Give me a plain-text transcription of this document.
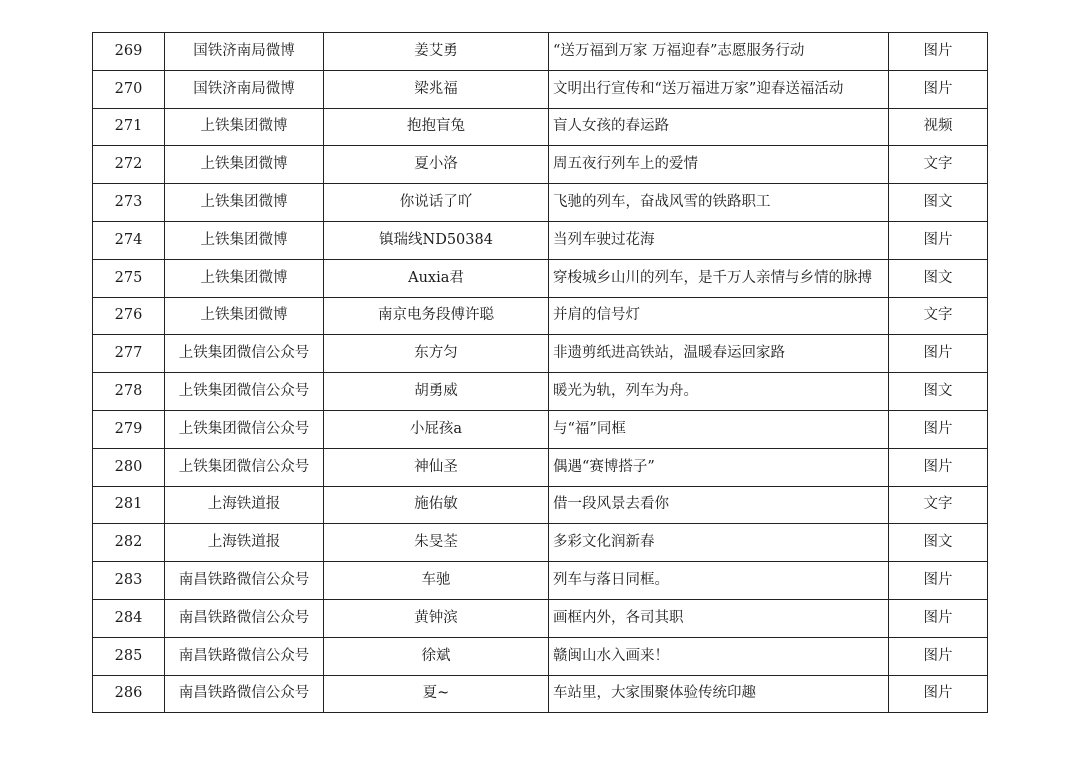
269	国铁济南局微博	姜艾勇	“送万福到万家 万福迎春”志愿服务行动	图片
270	国铁济南局微博	梁兆福	文明出行宣传和“送万福进万家”迎春送福活动	图片
271	上铁集团微博	抱抱盲兔	盲人女孩的春运路	视频
272	上铁集团微博	夏小洛	周五夜行列车上的爱情	文字
273	上铁集团微博	你说话了吖	飞驰的列车，奋战风雪的铁路职工	图文
274	上铁集团微博	镇瑞线ND50384	当列车驶过花海	图片
275	上铁集团微博	Auxia君	穿梭城乡山川的列车，是千万人亲情与乡情的脉搏	图文
276	上铁集团微博	南京电务段傅许聪	并肩的信号灯	文字
277	上铁集团微信公众号	东方匀	非遗剪纸进高铁站，温暖春运回家路	图片
278	上铁集团微信公众号	胡勇威	暖光为轨，列车为舟。	图文
279	上铁集团微信公众号	小屁孩a	与“福”同框	图片
280	上铁集团微信公众号	神仙圣	偶遇“赛博搭子”	图片
281	上海铁道报	施佑敏	借一段风景去看你	文字
282	上海铁道报	朱旻荃	多彩文化润新春	图文
283	南昌铁路微信公众号	车驰	列车与落日同框。	图片
284	南昌铁路微信公众号	黄钟滨	画框内外，各司其职	图片
285	南昌铁路微信公众号	徐斌	赣闽山水入画来！	图片
286	南昌铁路微信公众号	夏~	车站里，大家围聚体验传统印趣	图片
